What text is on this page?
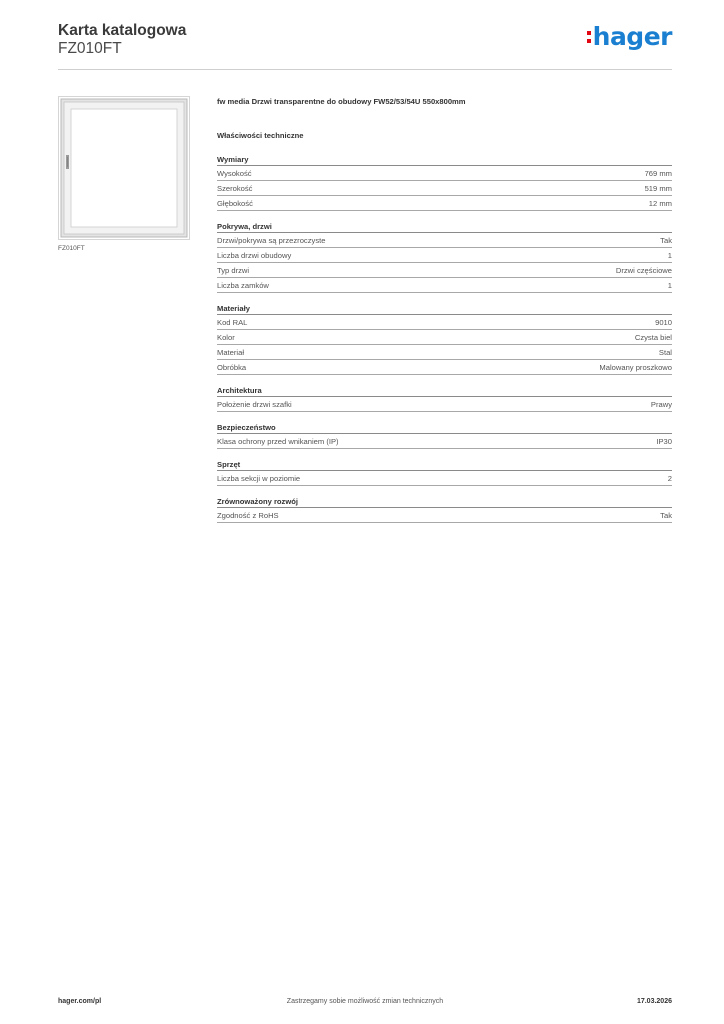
Karta katalogowa
FZ010FT	hager
FZ010FT
fw media Drzwi transparentne do obudowy FW52/53/54U 550x800mm
Właściwości techniczne
Wymiary
Wysokość	769 mm
Szerokość	519 mm
Głębokość	12 mm
Pokrywa, drzwi
Drzwi/pokrywa są przezroczyste	Tak
Liczba drzwi obudowy	1
Typ drzwi	Drzwi częściowe
Liczba zamków	1
Materiały
Kod RAL	9010
Kolor	Czysta biel
Materiał	Stal
Obróbka	Malowany proszkowo
Architektura
Położenie drzwi szafki	Prawy
Bezpieczeństwo
Klasa ochrony przed wnikaniem (IP)	IP30
Sprzęt
Liczba sekcji w poziomie	2
Zrównoważony rozwój
Zgodność z RoHS	Tak
hager.com/pl	Zastrzegamy sobie możliwość zmian technicznych	17.03.2026
